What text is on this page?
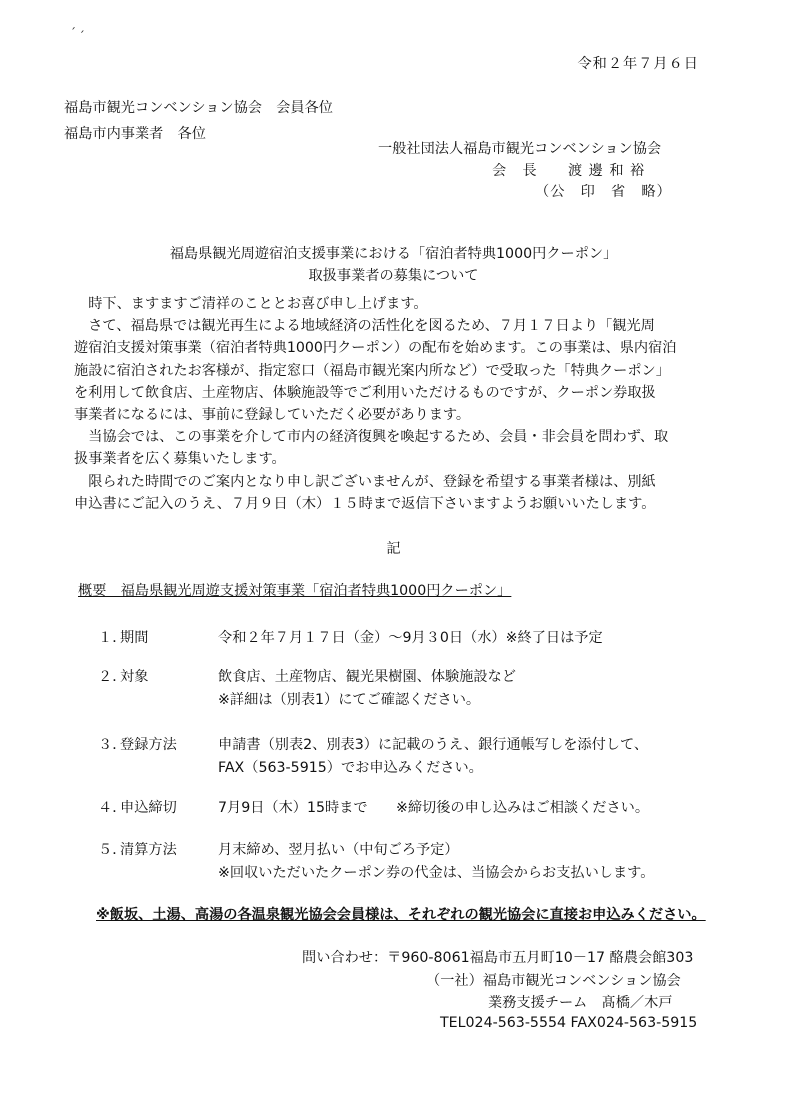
ˊ ׳
令和２年７月６日
福島市観光コンベンション協会　会員各位
福島市内事業者　各位
一般社団法人福島市観光コンベンション協会
会　長　　渡 邊 和 裕
（公　印　省　略）
福島県観光周遊宿泊支援事業における「宿泊者特典1000円クーポン」
取扱事業者の募集について

　時下、ますますご清祥のこととお喜び申し上げます。

　さて、福島県では観光再生による地域経済の活性化を図るため、７月１７日より「観光周

遊宿泊支援対策事業（宿泊者特典1000円クーポン）の配布を始めます。この事業は、県内宿泊

施設に宿泊されたお客様が、指定窓口（福島市観光案内所など）で受取った「特典クーポン」

を利用して飲食店、土産物店、体験施設等でご利用いただけるものですが、クーポン券取扱

事業者になるには、事前に登録していただく必要があります。

　当協会では、この事業を介して市内の経済復興を喚起するため、会員・非会員を問わず、取

扱事業者を広く募集いたします。

　限られた時間でのご案内となり申し訳ございませんが、登録を希望する事業者様は、別紙

申込書にご記入のうえ、７月９日（木）１５時まで返信下さいますようお願いいたします。

記
概要　福島県観光周遊支援対策事業「宿泊者特典1000円クーポン」
１．
期間	令和２年７月１７日（金）～9月３0日（水）※終了日は予定
２．
対象	飲食店、土産物店、観光果樹園、体験施設など
※詳細は（別表1）にてご確認ください。
３．
登録方法	申請書（別表2、別表3）に記載のうえ、銀行通帳写しを添付して、
FAX（563-5915）でお申込みください。
４．
申込締切	7月9日（木）15時まで　　※締切後の申し込みはご相談ください。
５．
清算方法	月末締め、翌月払い（中旬ごろ予定）
※回収いただいたクーポン券の代金は、当協会からお支払いします。
※飯坂、土湯、高湯の各温泉観光協会会員様は、それぞれの観光協会に直接お申込みください。
問い合わせ：〒960-8061福島市五月町10－17 酪農会館303
（一社）福島市観光コンベンション協会
業務支援チーム　髙橋／木戸
TEL024-563-5554 FAX024-563-5915
